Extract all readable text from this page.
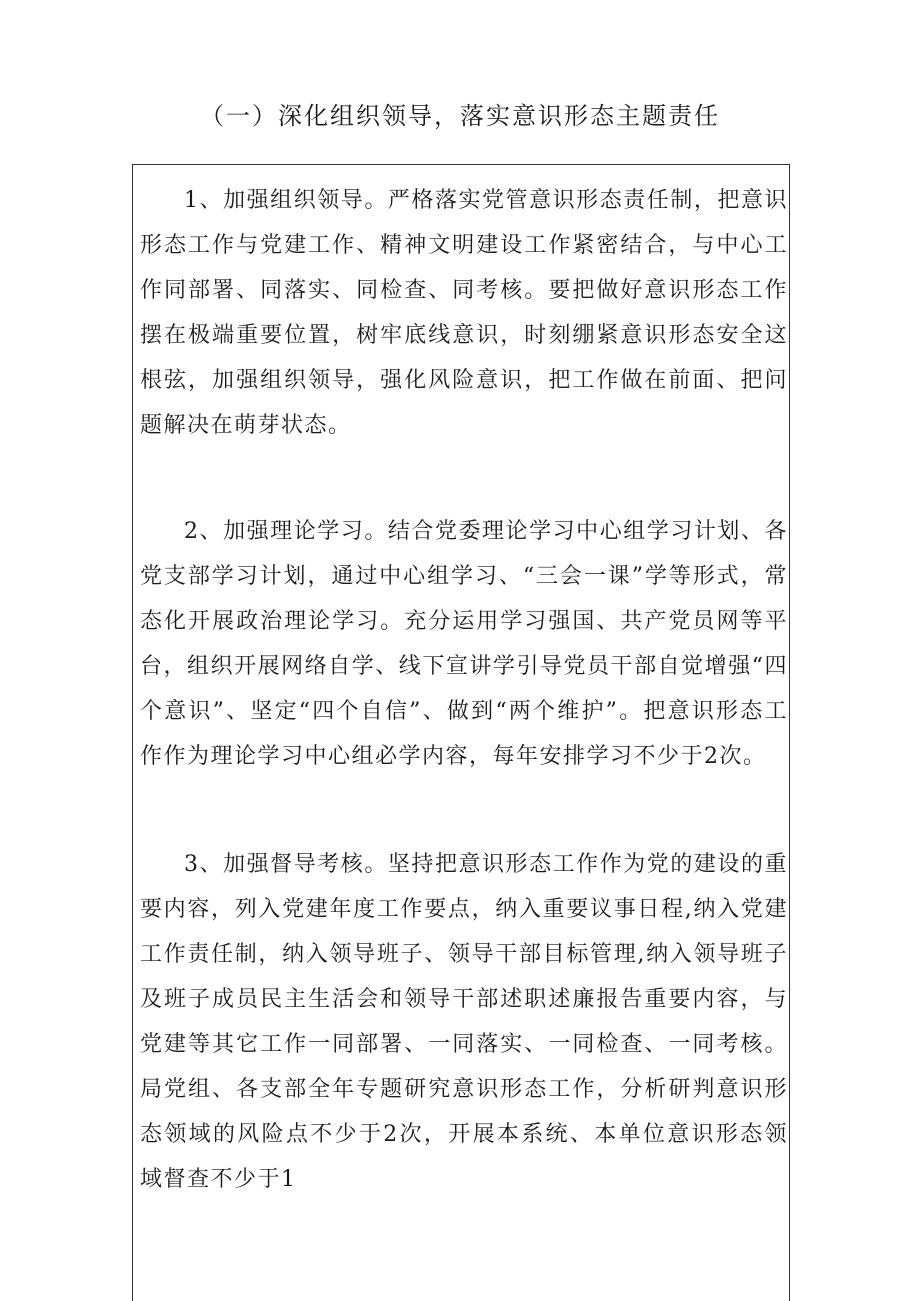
（一）深化组织领导，落实意识形态主题责任
1、加强组织领导。严格落实党管意识形态责任制，把意识形态工作与党建工作、精神文明建设工作紧密结合，与中心工作同部署、同落实、同检查、同考核。要把做好意识形态工作摆在极端重要位置，树牢底线意识，时刻绷紧意识形态安全这根弦，加强组织领导，强化风险意识，把工作做在前面、把问题解决在萌芽状态。
2、加强理论学习。结合党委理论学习中心组学习计划、各党支部学习计划，通过中心组学习、“三会一课”学等形式，常态化开展政治理论学习。充分运用学习强国、共产党员网等平台，组织开展网络自学、线下宣讲学引导党员干部自觉增强“四个意识”、坚定“四个自信”、做到“两个维护”。把意识形态工作作为理论学习中心组必学内容，每年安排学习不少于2次。
3、加强督导考核。坚持把意识形态工作作为党的建设的重要内容，列入党建年度工作要点，纳入重要议事日程,纳入党建工作责任制，纳入领导班子、领导干部目标管理,纳入领导班子及班子成员民主生活会和领导干部述职述廉报告重要内容，与党建等其它工作一同部署、一同落实、一同检查、一同考核。局党组、各支部全年专题研究意识形态工作，分析研判意识形态领域的风险点不少于2次，开展本系统、本单位意识形态领域督查不少于1
